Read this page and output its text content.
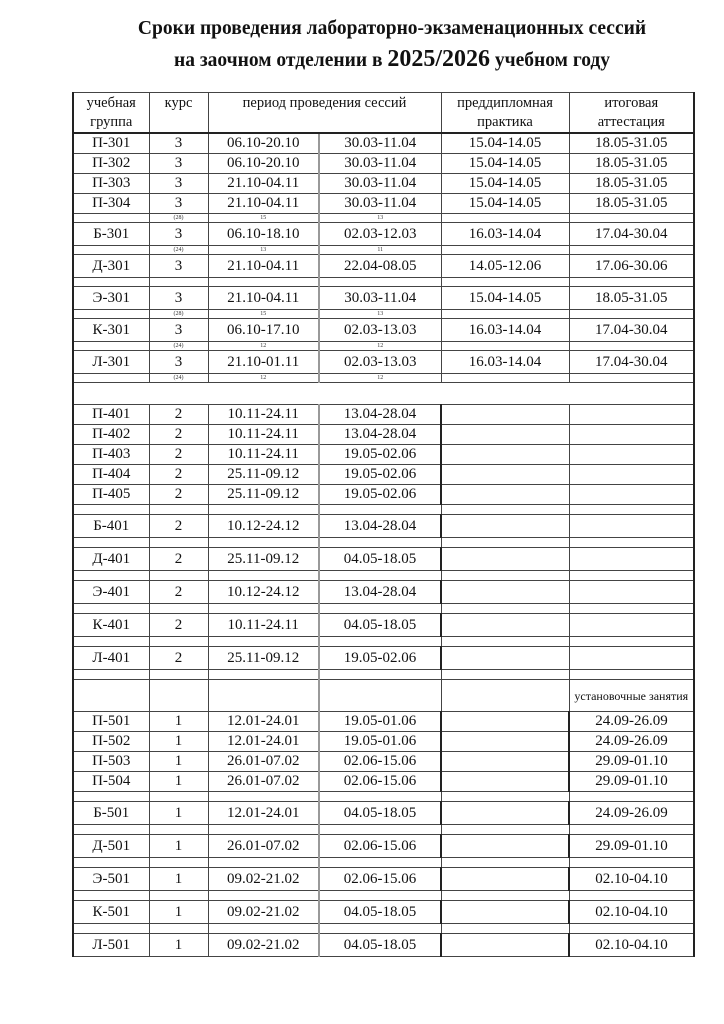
Сроки проведения лабораторно-экзаменационных сессий
на заочном отделении в 2025/2026 учебном году
учебная группа	курс	период проведения сессий		преддипломная практика	итоговая аттестация
П-301	3	06.10-20.10	30.03-11.04	15.04-14.05	18.05-31.05
П-302	3	06.10-20.10	30.03-11.04	15.04-14.05	18.05-31.05
П-303	3	21.10-04.11	30.03-11.04	15.04-14.05	18.05-31.05
П-304	3	21.10-04.11	30.03-11.04	15.04-14.05	18.05-31.05
	(28)	15	13		
Б-301	3	06.10-18.10	02.03-12.03	16.03-14.04	17.04-30.04
	(24)	13	11		
Д-301	3	21.10-04.11	22.04-08.05	14.05-12.06	17.06-30.06

Э-301	3	21.10-04.11	30.03-11.04	15.04-14.05	18.05-31.05
	(28)	15	13		
К-301	3	06.10-17.10	02.03-13.03	16.03-14.04	17.04-30.04
	(24)	12	12		
Л-301	3	21.10-01.11	02.03-13.03	16.03-14.04	17.04-30.04
	(24)	12	12		

П-401	2	10.11-24.11	13.04-28.04		
П-402	2	10.11-24.11	13.04-28.04		
П-403	2	10.11-24.11	19.05-02.06		
П-404	2	25.11-09.12	19.05-02.06		
П-405	2	25.11-09.12	19.05-02.06		

Б-401	2	10.12-24.12	13.04-28.04		

Д-401	2	25.11-09.12	04.05-18.05		

Э-401	2	10.12-24.12	13.04-28.04		

К-401	2	10.11-24.11	04.05-18.05		

Л-401	2	25.11-09.12	19.05-02.06		

					установочные занятия
П-501	1	12.01-24.01	19.05-01.06		24.09-26.09
П-502	1	12.01-24.01	19.05-01.06		24.09-26.09
П-503	1	26.01-07.02	02.06-15.06		29.09-01.10
П-504	1	26.01-07.02	02.06-15.06		29.09-01.10

Б-501	1	12.01-24.01	04.05-18.05		24.09-26.09

Д-501	1	26.01-07.02	02.06-15.06		29.09-01.10

Э-501	1	09.02-21.02	02.06-15.06		02.10-04.10

К-501	1	09.02-21.02	04.05-18.05		02.10-04.10

Л-501	1	09.02-21.02	04.05-18.05		02.10-04.10
